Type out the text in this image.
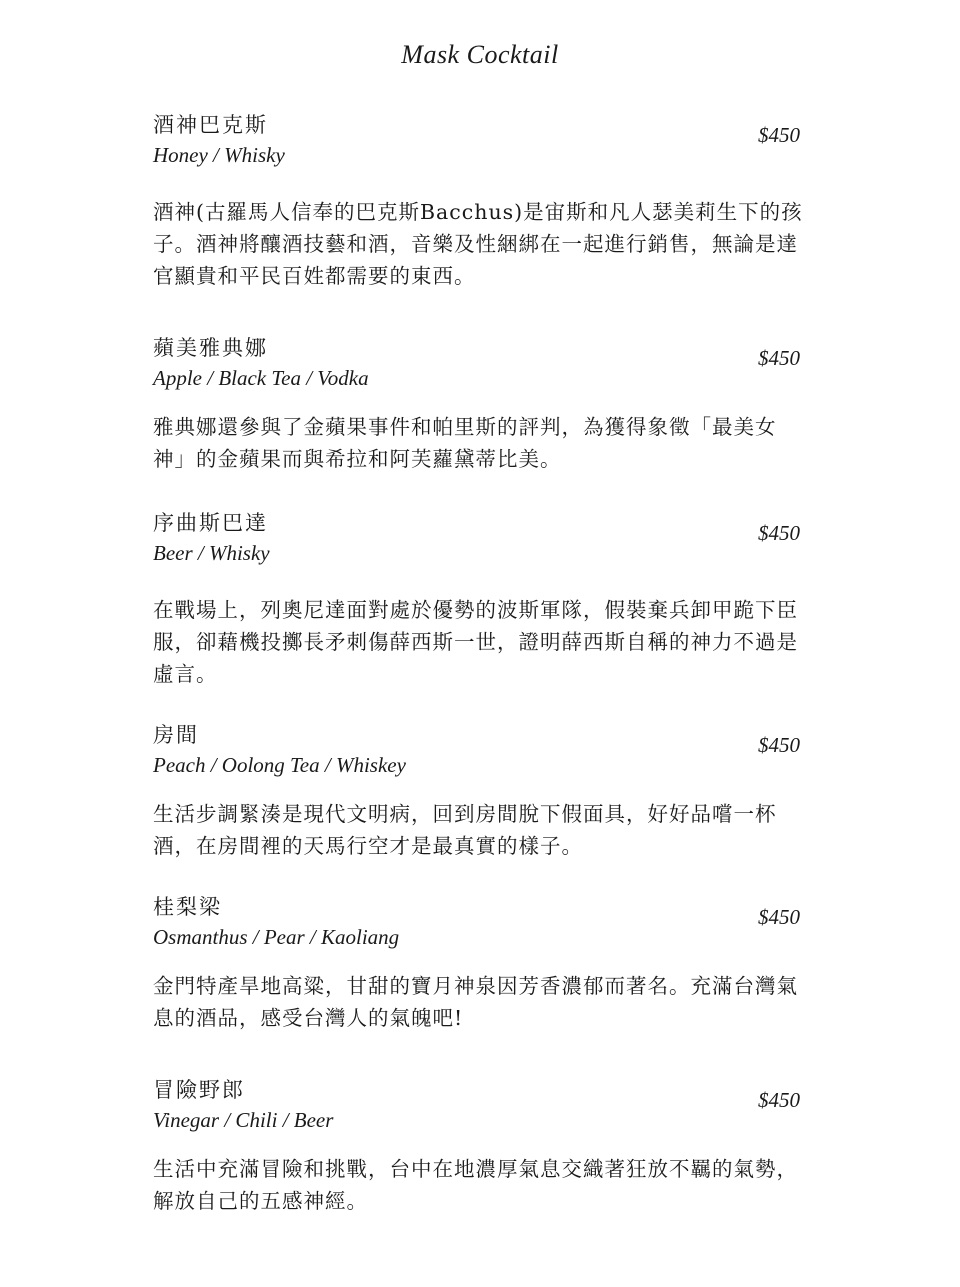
Mask Cocktail
酒神巴克斯
Honey / Whisky
$450
酒神(古羅馬人信奉的巴克斯Bacchus)是宙斯和凡人瑟美莉生下的孩子。酒神將釀酒技藝和酒，音樂及性綑綁在一起進行銷售，無論是達官顯貴和平民百姓都需要的東西。
蘋美雅典娜
Apple / Black Tea / Vodka
$450
雅典娜還參與了金蘋果事件和帕里斯的評判，為獲得象徵「最美女神」的金蘋果而與希拉和阿芙蘿黛蒂比美。
序曲斯巴達
Beer / Whisky
$450
在戰場上，列奧尼達面對處於優勢的波斯軍隊，假裝棄兵卸甲跪下臣服，卻藉機投擲長矛刺傷薛西斯一世，證明薛西斯自稱的神力不過是虛言。
房間
Peach / Oolong Tea / Whiskey
$450
生活步調緊湊是現代文明病，回到房間脫下假面具，好好品嚐一杯酒，在房間裡的天馬行空才是最真實的樣子。
桂梨梁
Osmanthus / Pear / Kaoliang
$450
金門特產旱地高粱，甘甜的寶月神泉因芳香濃郁而著名。充滿台灣氣息的酒品，感受台灣人的氣魄吧!
冒險野郎
Vinegar / Chili / Beer
$450
生活中充滿冒險和挑戰，台中在地濃厚氣息交織著狂放不羈的氣勢，解放自己的五感神經。
